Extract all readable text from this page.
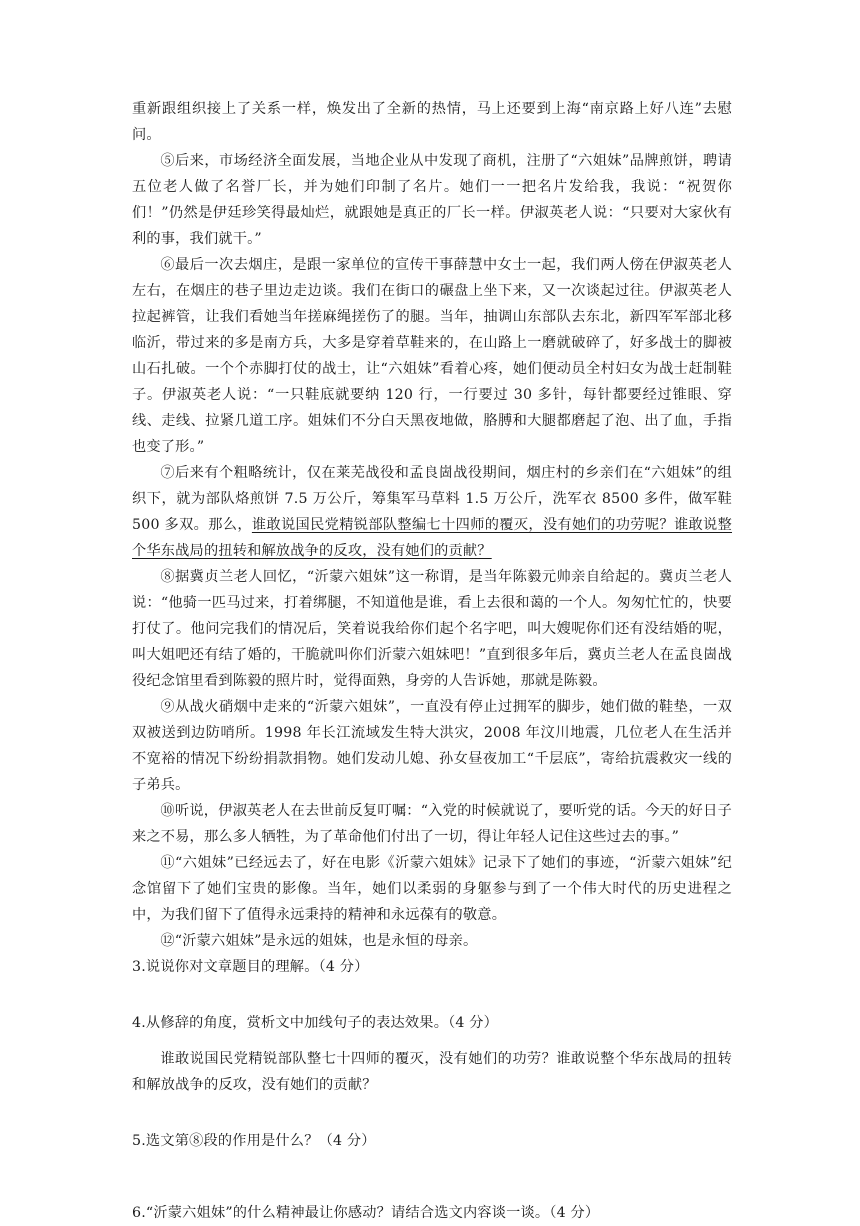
重新跟组织接上了关系一样，焕发出了全新的热情，马上还要到上海“南京路上好八连”去慰问。

⑤后来，市场经济全面发展，当地企业从中发现了商机，注册了“六姐妹”品牌煎饼，聘请五位老人做了名誉厂长，并为她们印制了名片。她们一一把名片发给我，我说：“祝贺你们！”仍然是伊廷珍笑得最灿烂，就跟她是真正的厂长一样。伊淑英老人说：“只要对大家伙有利的事，我们就干。”

⑥最后一次去烟庄，是跟一家单位的宣传干事薛慧中女士一起，我们两人傍在伊淑英老人左右，在烟庄的巷子里边走边谈。我们在街口的碾盘上坐下来，又一次谈起过往。伊淑英老人拉起裤管，让我们看她当年搓麻绳搓伤了的腿。当年，抽调山东部队去东北，新四军军部北移临沂，带过来的多是南方兵，大多是穿着草鞋来的，在山路上一磨就破碎了，好多战士的脚被山石扎破。一个个赤脚打仗的战士，让“六姐妹”看着心疼，她们便动员全村妇女为战士赶制鞋子。伊淑英老人说：“一只鞋底就要纳 120 行，一行要过 30 多针，每针都要经过锥眼、穿线、走线、拉紧几道工序。姐妹们不分白天黑夜地做，胳膊和大腿都磨起了泡、出了血，手指也变了形。”

⑦后来有个粗略统计，仅在莱芜战役和孟良崮战役期间，烟庄村的乡亲们在“六姐妹”的组织下，就为部队烙煎饼 7.5 万公斤，筹集军马草料 1.5 万公斤，洗军衣 8500 多件，做军鞋 500 多双。那么，谁敢说国民党精锐部队整编七十四师的覆灭，没有她们的功劳呢？谁敢说整个华东战局的扭转和解放战争的反攻，没有她们的贡献？

⑧据冀贞兰老人回忆，“沂蒙六姐妹”这一称谓，是当年陈毅元帅亲自给起的。冀贞兰老人说：“他骑一匹马过来，打着绑腿，不知道他是谁，看上去很和蔼的一个人。匆匆忙忙的，快要打仗了。他问完我们的情况后，笑着说我给你们起个名字吧，叫大嫂呢你们还有没结婚的呢，叫大姐吧还有结了婚的，干脆就叫你们沂蒙六姐妹吧！”直到很多年后，冀贞兰老人在孟良崮战役纪念馆里看到陈毅的照片时，觉得面熟，身旁的人告诉她，那就是陈毅。

⑨从战火硝烟中走来的“沂蒙六姐妹”，一直没有停止过拥军的脚步，她们做的鞋垫，一双双被送到边防哨所。1998 年长江流域发生特大洪灾，2008 年汶川地震，几位老人在生活并不宽裕的情况下纷纷捐款捐物。她们发动儿媳、孙女昼夜加工“千层底”，寄给抗震救灾一线的子弟兵。

⑩听说，伊淑英老人在去世前反复叮嘱：“入党的时候就说了，要听党的话。今天的好日子来之不易，那么多人牺牲，为了革命他们付出了一切，得让年轻人记住这些过去的事。”

⑪“六姐妹”已经远去了，好在电影《沂蒙六姐妹》记录下了她们的事迹，“沂蒙六姐妹”纪念馆留下了她们宝贵的影像。当年，她们以柔弱的身躯参与到了一个伟大时代的历史进程之中，为我们留下了值得永远秉持的精神和永远葆有的敬意。

⑫“沂蒙六姐妹”是永远的姐妹，也是永恒的母亲。

3.说说你对文章题目的理解。（4 分）

4.从修辞的角度，赏析文中加线句子的表达效果。（4 分）

谁敢说国民党精锐部队整七十四师的覆灭，没有她们的功劳？谁敢说整个华东战局的扭转和解放战争的反攻，没有她们的贡献？

5.选文第⑧段的作用是什么？（4 分）

6.“沂蒙六姐妹”的什么精神最让你感动？请结合选文内容谈一谈。（4 分）
